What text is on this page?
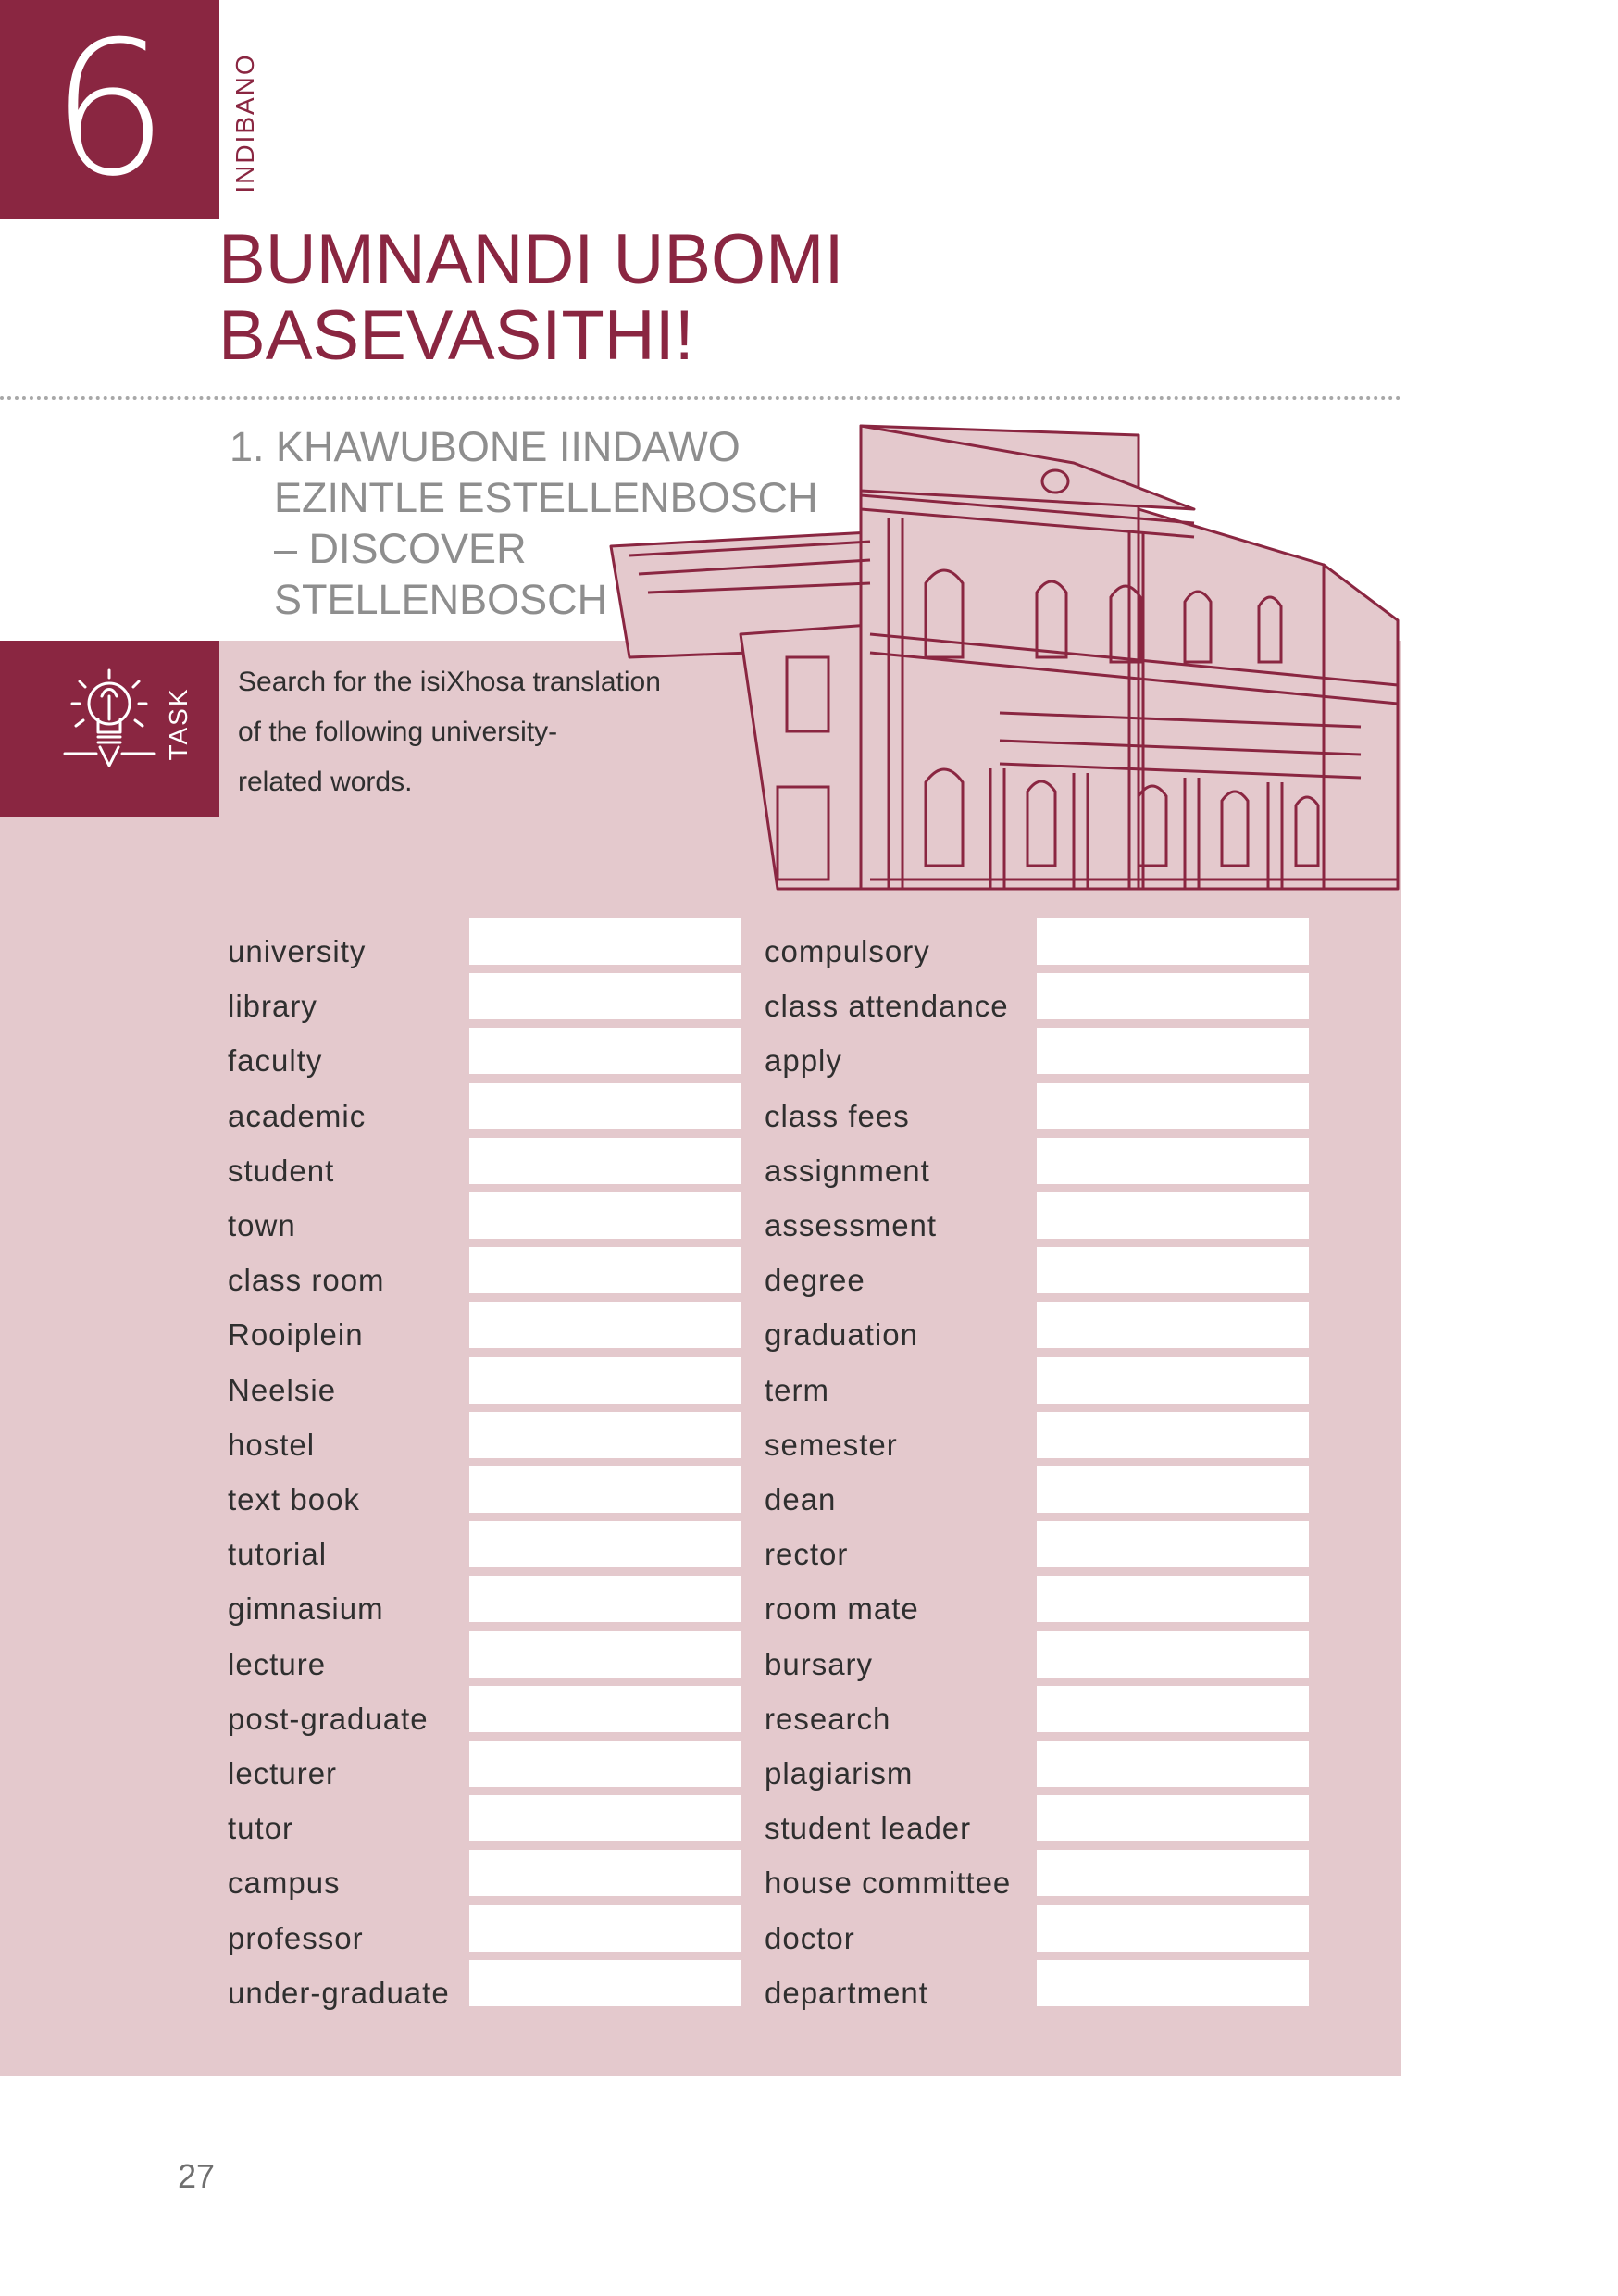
6	INDIBANO
BUMNANDI UBOMI
BASEVASITHI!
1. KHAWUBONE IINDAWO
EZINTLE ESTELLENBOSCH
– DISCOVER
STELLENBOSCH
TASK
Search for the isiXhosa translation
of the following university-
related words.
university
library
faculty
academic
student
town
class room
Rooiplein
Neelsie
hostel
text book
tutorial
gimnasium
lecture
post-graduate
lecturer
tutor
campus
professor
under-graduate
compulsory
class attendance
apply
class fees
assignment
assessment
degree
graduation
term
semester
dean
rector
room mate
bursary
research
plagiarism
student leader
house committee
doctor
department
27
